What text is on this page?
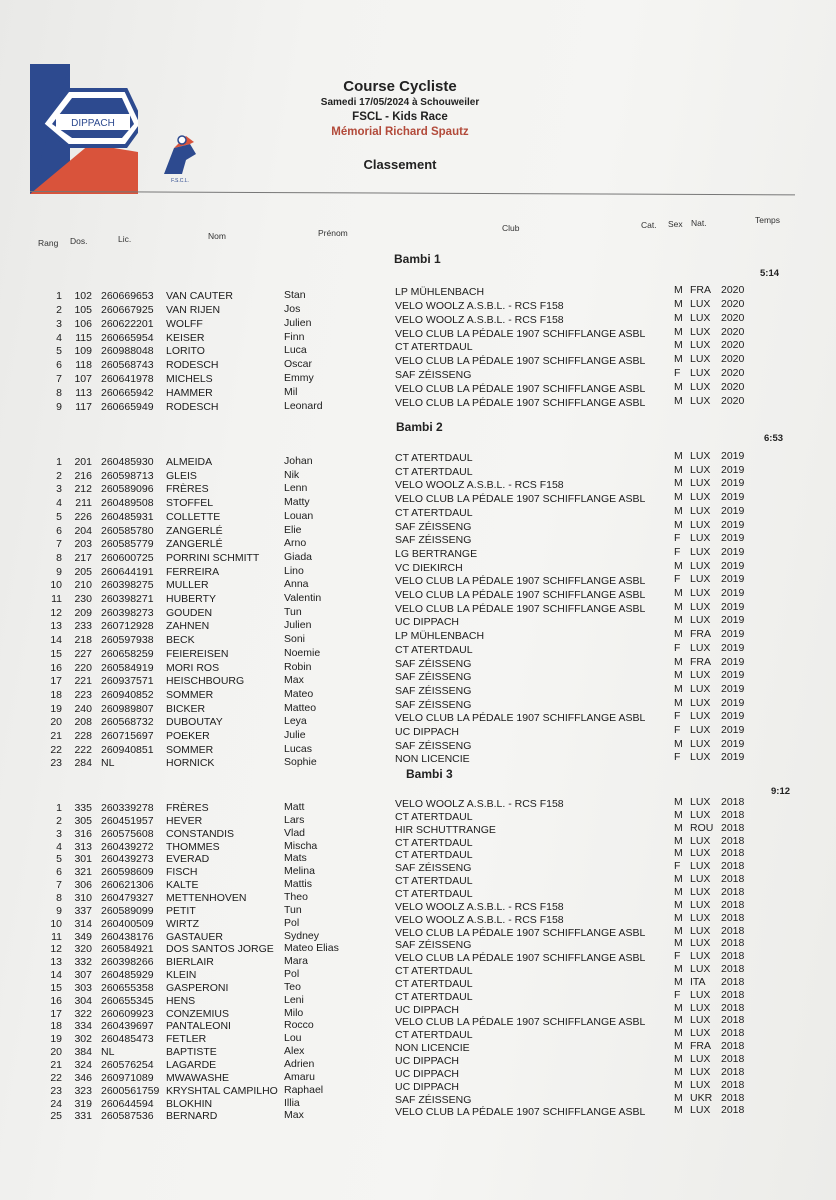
DIPPACH
F.S.C.L.
Course Cycliste
Samedi 17/05/2024 à Schouweiler
FSCL - Kids Race
Mémorial Richard Spautz
Classement
Rang Dos.	Lic.	Nom	Prénom	Club	Cat. Sex Nat.	Temps
Bambi 1
5:14
1 102 260669653 VAN CAUTER	Stan	LP MÜHLENBACH	M FRA 2020
2 105 260667925 VAN RIJEN	Jos	VELO WOOLZ A.S.B.L. - RCS F158	M LUX 2020
3 106 260622201 WOLFF	Julien	VELO WOOLZ A.S.B.L. - RCS F158	M LUX 2020
4	115 260665954 KEISER	Finn	VELO CLUB LA PÉDALE 1907 SCHIFFLANGE ASBL	M LUX 2020
5 109 260988048 LORITO	Luca	CT ATERTDAUL	M LUX 2020
6	118 260568743 RODESCH	Oscar	VELO CLUB LA PÉDALE 1907 SCHIFFLANGE ASBL	M LUX 2020
7 107 260641978 MICHELS	Emmy	SAF ZÉISSENG	F LUX 2020
8	113 260665942 HAMMER	Mil	VELO CLUB LA PÉDALE 1907 SCHIFFLANGE ASBL	M LUX 2020
9	117 260665949 RODESCH	Leonard	VELO CLUB LA PÉDALE 1907 SCHIFFLANGE ASBL	M LUX 2020
Bambi 2
6:53
1 201 260485930 ALMEIDA	Johan	CT ATERTDAUL	M LUX 2019
2 216 260598713 GLEIS	Nik	CT ATERTDAUL	M LUX 2019
3 212 260589096 FRÈRES	Lenn	VELO WOOLZ A.S.B.L. - RCS F158	M LUX 2019
4	211 260489508 STOFFEL	Matty	VELO CLUB LA PÉDALE 1907 SCHIFFLANGE ASBL	M LUX 2019
5 226 260485931 COLLETTE	Louan	CT ATERTDAUL	M LUX 2019
6 204 260585780 ZANGERLÉ	Elie	SAF ZÉISSENG	M LUX 2019
7 203 260585779 ZANGERLÉ	Arno	SAF ZÉISSENG	F LUX 2019
8 217 260600725 PORRINI SCHMITT Giada	LG BERTRANGE	F LUX 2019
9 205 260644191 FERREIRA	Lino	VC DIEKIRCH	M LUX 2019
10 210 260398275 MULLER	Anna	VELO CLUB LA PÉDALE 1907 SCHIFFLANGE ASBL	F LUX 2019
11 230 260398271 HUBERTY	Valentin	VELO CLUB LA PÉDALE 1907 SCHIFFLANGE ASBL	M LUX 2019
12 209 260398273 GOUDEN	Tun	VELO CLUB LA PÉDALE 1907 SCHIFFLANGE ASBL	M LUX 2019
13 233 260712928 ZAHNEN	Julien	UC DIPPACH	M LUX 2019
14 218 260597938 BECK	Soni	LP MÜHLENBACH	M FRA 2019
15 227 260658259 FEIEREISEN	Noemie	CT ATERTDAUL	F LUX 2019
16 220 260584919 MORI ROS	Robin	SAF ZÉISSENG	M FRA 2019
17 221 260937571 HEISCHBOURG	Max	SAF ZÉISSENG	M LUX 2019
18 223 260940852 SOMMER	Mateo	SAF ZÉISSENG	M LUX 2019
19 240 260989807 BICKER	Matteo	SAF ZÉISSENG	M LUX 2019
20 208 260568732 DUBOUTAY	Leya	VELO CLUB LA PÉDALE 1907 SCHIFFLANGE ASBL	F LUX 2019
21 228 260715697 POEKER	Julie	UC DIPPACH	F LUX 2019
22 222 260940851 SOMMER	Lucas	SAF ZÉISSENG	M LUX 2019
23 284 NL	HORNICK	Sophie	NON LICENCIE	F LUX 2019
Bambi 3
9:12
1 335 260339278 FRÈRES	Matt	VELO WOOLZ A.S.B.L. - RCS F158	M LUX 2018
2 305 260451957 HEVER	Lars	CT ATERTDAUL	M LUX 2018
3 316 260575608 CONSTANDIS	Vlad	HIR SCHUTTRANGE	M ROU 2018
4 313 260439272 THOMMES	Mischa	CT ATERTDAUL	M LUX 2018
5 301 260439273 EVERAD	Mats	CT ATERTDAUL	M LUX 2018
6 321 260598609 FISCH	Melina	SAF ZÉISSENG	F LUX 2018
7 306 260621306 KALTE	Mattis	CT ATERTDAUL	M LUX 2018
8 310 260479327 METTENHOVEN	Theo	CT ATERTDAUL	M LUX 2018
9 337 260589099 PETIT	Tun	VELO WOOLZ A.S.B.L. - RCS F158	M LUX 2018
10 314 260400509 WIRTZ	Pol	VELO WOOLZ A.S.B.L. - RCS F158	M LUX 2018
11 349 260438176 GASTAUER	Sydney	VELO CLUB LA PÉDALE 1907 SCHIFFLANGE ASBL	M LUX 2018
12 320 260584921 DOS SANTOS JORGE Mateo Elias	SAF ZÉISSENG	M LUX 2018
13 332 260398266 BIERLAIR	Mara	VELO CLUB LA PÉDALE 1907 SCHIFFLANGE ASBL	F LUX 2018
14 307 260485929 KLEIN	Pol	CT ATERTDAUL	M LUX 2018
15 303 260655358 GASPERONI	Teo	CT ATERTDAUL	M ITA 2018
16 304 260655345 HENS	Leni	CT ATERTDAUL	F LUX 2018
17 322 260609923 CONZEMIUS	Milo	UC DIPPACH	M LUX 2018
18 334 260439697 PANTALEONI	Rocco	VELO CLUB LA PÉDALE 1907 SCHIFFLANGE ASBL	M LUX 2018
19 302 260485473 FETLER	Lou	CT ATERTDAUL	M LUX 2018
20 384 NL	BAPTISTE	Alex	NON LICENCIE	M FRA 2018
21 324 260576254 LAGARDE	Adrien	UC DIPPACH	M LUX 2018
22 346 260971089 MWAWASHE	Amaru	UC DIPPACH	M LUX 2018
23 323 2600561759 KRYSHTAL CAMPILHO Raphael	UC DIPPACH	M LUX 2018
24 319 260644594 BLOKHIN	Illia	SAF ZÉISSENG	M UKR 2018
25 331 260587536 BERNARD	Max	VELO CLUB LA PÉDALE 1907 SCHIFFLANGE ASBL	M LUX 2018
